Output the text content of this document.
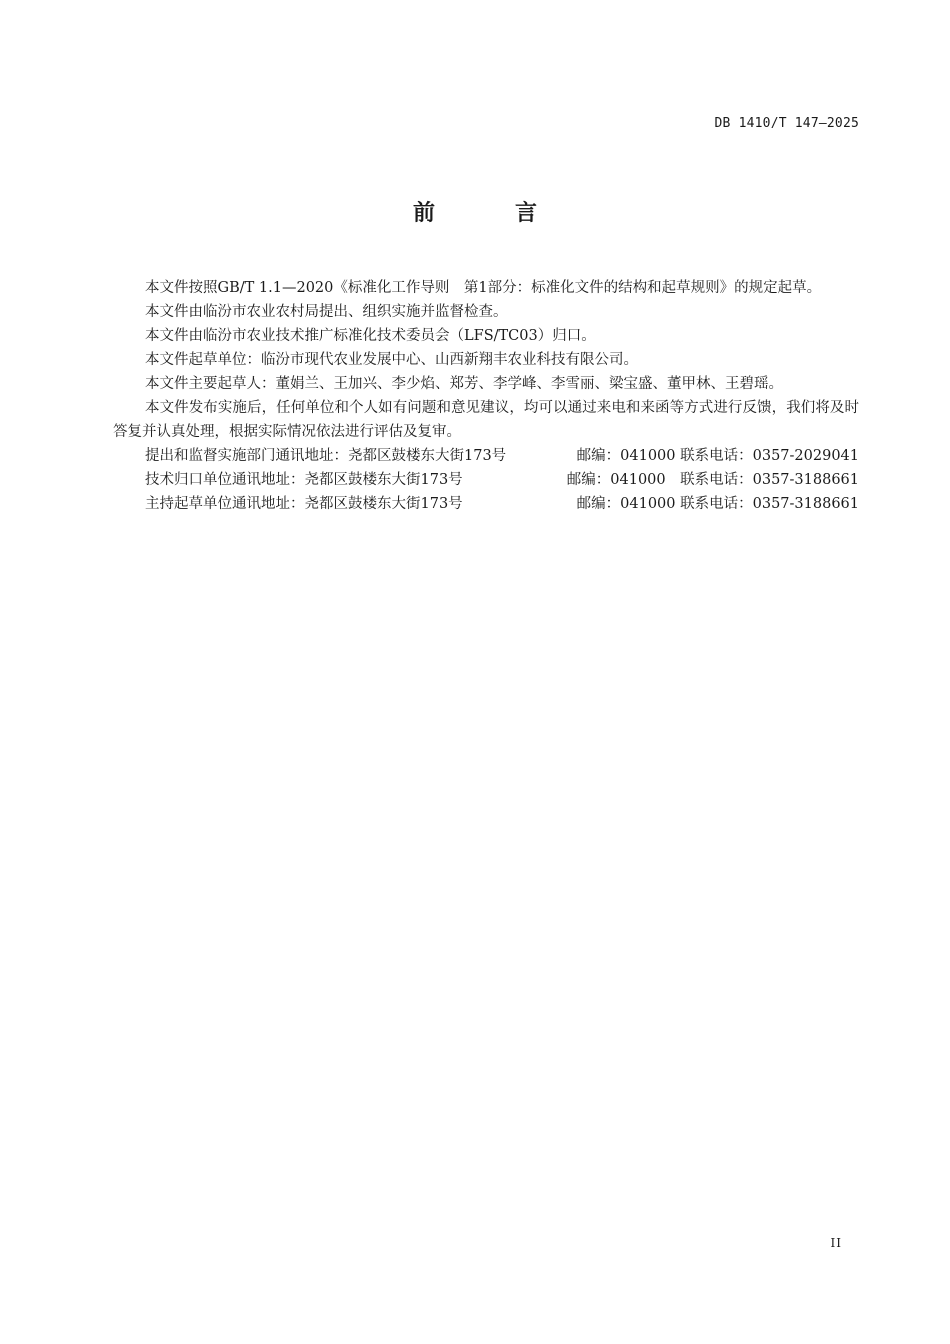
DB 1410/T 147—2025
前 言

本文件按照GB/T 1.1—2020《标准化工作导则　第1部分：标准化文件的结构和起草规则》的规定起草。

本文件由临汾市农业农村局提出、组织实施并监督检查。

本文件由临汾市农业技术推广标准化技术委员会（LFS/TC03）归口。

本文件起草单位：临汾市现代农业发展中心、山西新翔丰农业科技有限公司。

本文件主要起草人：董娟兰、王加兴、李少焰、郑芳、李学峰、李雪丽、梁宝盛、董甲林、王碧瑶。

本文件发布实施后，任何单位和个人如有问题和意见建议，均可以通过来电和来函等方式进行反馈，我们将及时答复并认真处理，根据实际情况依法进行评估及复审。

提出和监督实施部门通讯地址：尧都区鼓楼东大街173号	邮编：041000 联系电话：0357-2029041
技术归口单位通讯地址：尧都区鼓楼东大街173号	邮编：041000　联系电话：0357-3188661
主持起草单位通讯地址：尧都区鼓楼东大街173号	邮编：041000 联系电话：0357-3188661
II
